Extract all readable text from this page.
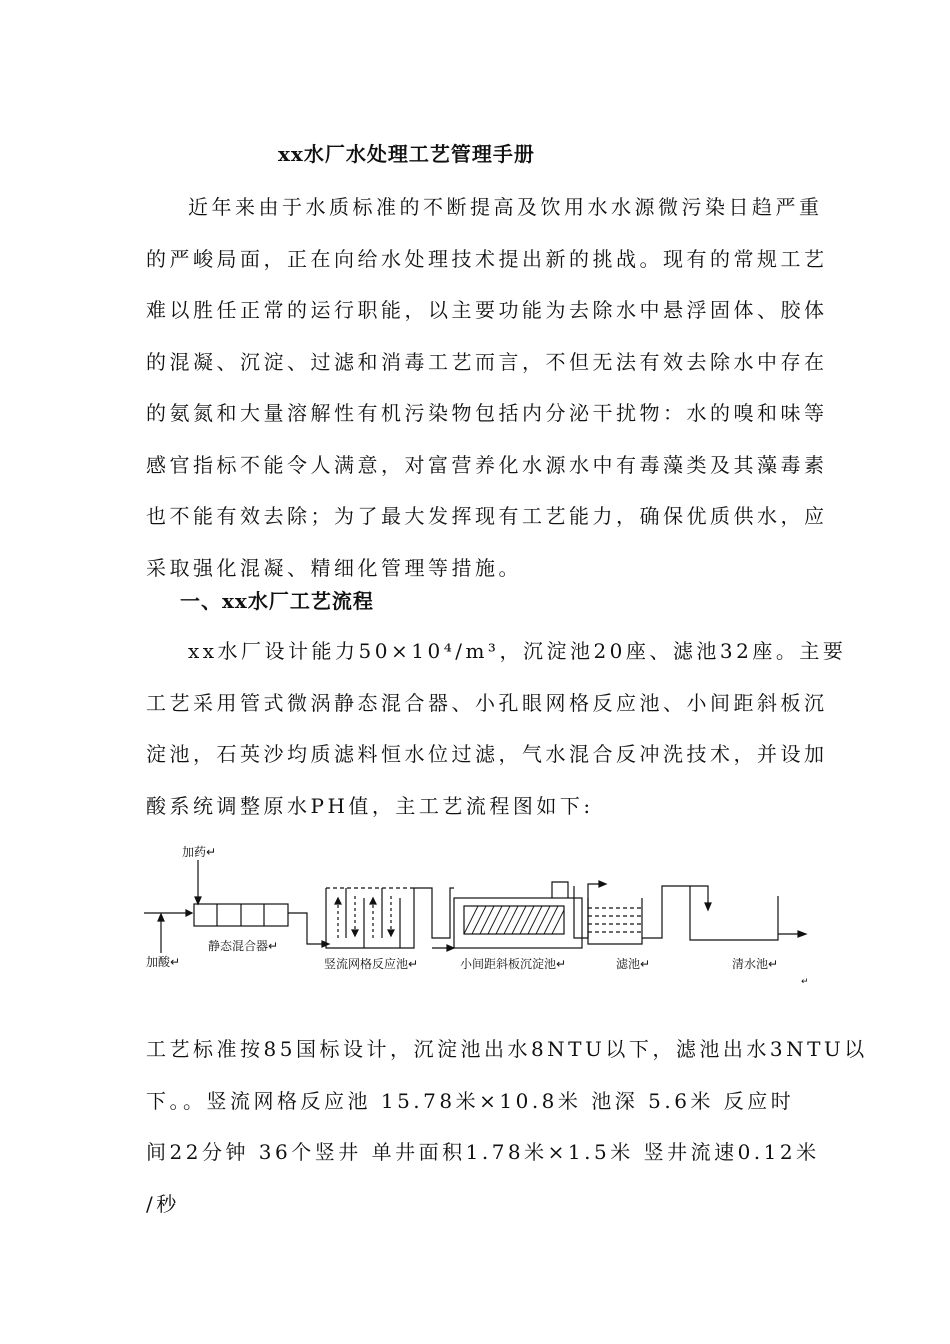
xx水厂水处理工艺管理手册
近年来由于水质标准的不断提高及饮用水水源微污染日趋严重
的严峻局面，正在向给水处理技术提出新的挑战。现有的常规工艺
难以胜任正常的运行职能，以主要功能为去除水中悬浮固体、胶体
的混凝、沉淀、过滤和消毒工艺而言，不但无法有效去除水中存在
的氨氮和大量溶解性有机污染物包括内分泌干扰物：水的嗅和味等
感官指标不能令人满意，对富营养化水源水中有毒藻类及其藻毒素
也不能有效去除；为了最大发挥现有工艺能力，确保优质供水，应
采取强化混凝、精细化管理等措施。
一、xx水厂工艺流程
xx水厂设计能力50×10⁴/m³，沉淀池20座、滤池32座。主要
工艺采用管式微涡静态混合器、小孔眼网格反应池、小间距斜板沉
淀池，石英沙均质滤料恒水位过滤，气水混合反冲洗技术，并设加
酸系统调整原水PH值，主工艺流程图如下:
加药↵
加酸↵
静态混合器↵
竖流网格反应池↵	小间距斜板沉淀池↵	滤池↵	清水池↵
↵
工艺标准按85国标设计，沉淀池出水8NTU以下，滤池出水3NTU以
下。。竖流网格反应池 15.78米×10.8米 池深 5.6米 反应时
间22分钟 36个竖井 单井面积1.78米×1.5米 竖井流速0.12米
/秒
